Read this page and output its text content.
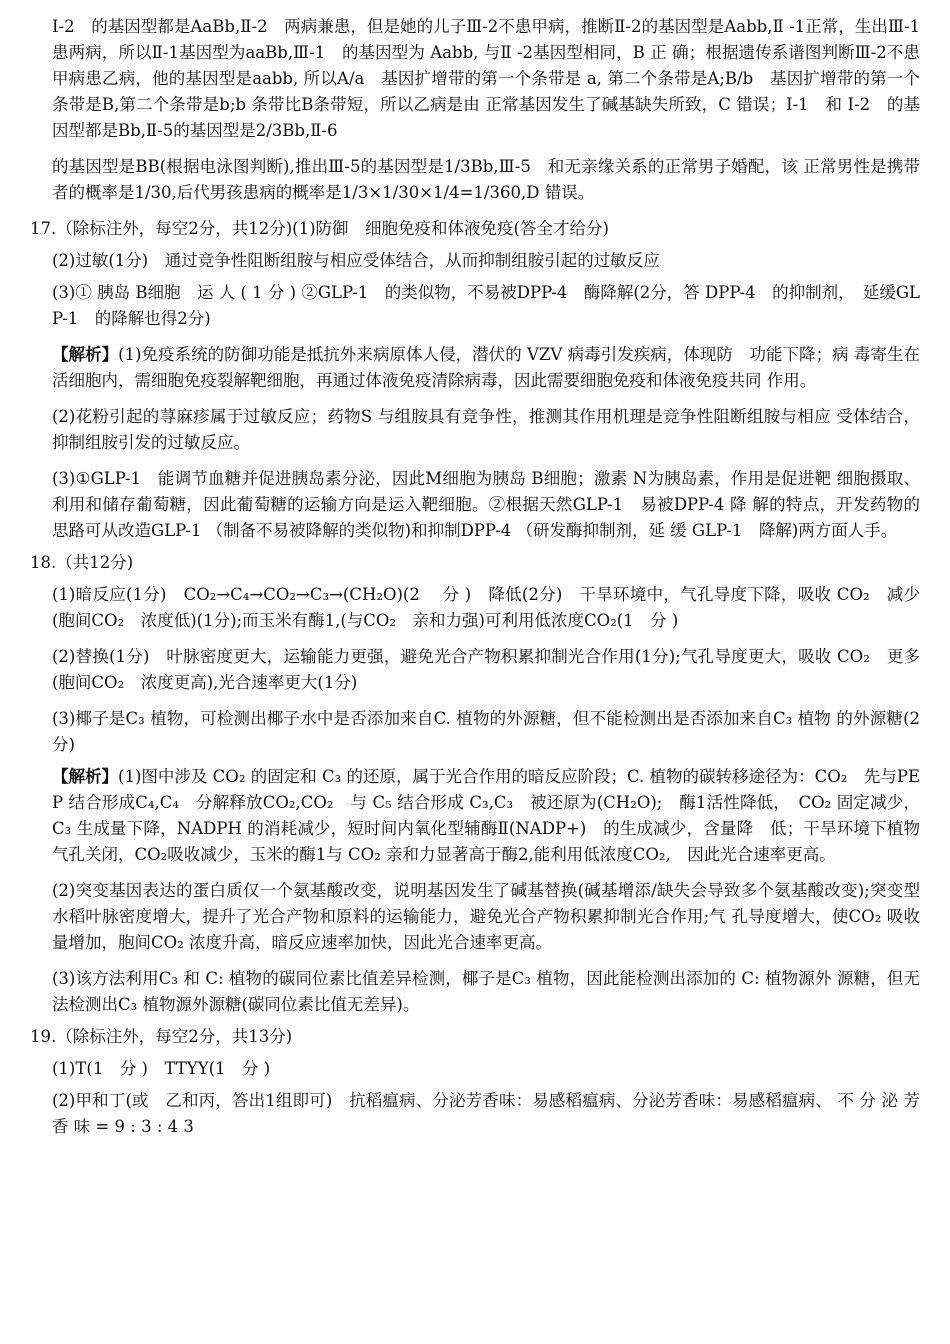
I-2　的基因型都是AaBb,Ⅱ-2　两病兼患，但是她的儿子Ⅲ-2不患甲病，推断Ⅱ-2的基因型是Aabb,Ⅱ -1正常，生出Ⅲ-1患两病，所以Ⅱ-1基因型为aaBb,Ⅲ-1　的基因型为 Aabb, 与Ⅱ -2基因型相同，B 正 确；根据遗传系谱图判断Ⅲ-2不患甲病患乙病，他的基因型是aabb, 所以A/a　基因扩增带的第一个条带是 a, 第二个条带是A;B/b　基因扩增带的第一个条带是B,第二个条带是b;b 条带比B条带短，所以乙病是由 正常基因发生了碱基缺失所致，C 错误；I-1　和 I-2　的基因型都是Bb,Ⅱ-5的基因型是2/3Bb,Ⅱ-6

的基因型是BB(根据电泳图判断),推出Ⅲ-5的基因型是1/3Bb,Ⅲ-5　和无亲缘关系的正常男子婚配，该 正常男性是携带者的概率是1/30,后代男孩患病的概率是1/3×1/30×1/4=1/360,D 错误。

17.（除标注外，每空2分，共12分)(1)防御　细胞免疫和体液免疫(答全才给分)

(2)过敏(1分)　通过竞争性阻断组胺与相应受体结合，从而抑制组胺引起的过敏反应

(3)① 胰岛 B细胞　运 人 ( 1 分 ) ②GLP-1　的类似物，不易被DPP-4　酶降解(2分，答 DPP-4　的抑制剂，　延缓GLP-1　的降解也得2分)

【解析】(1)免疫系统的防御功能是抵抗外来病原体人侵，潜伏的 VZV 病毒引发疾病，体现防　功能下降；病 毒寄生在活细胞内，需细胞免疫裂解靶细胞，再通过体液免疫清除病毒，因此需要细胞免疫和体液免疫共同 作用。

(2)花粉引起的荨麻疹属于过敏反应；药物S 与组胺具有竞争性，推测其作用机理是竞争性阻断组胺与相应 受体结合，抑制组胺引发的过敏反应。

(3)①GLP-1　能调节血糖并促进胰岛素分泌，因此M细胞为胰岛 B细胞；激素 N为胰岛素，作用是促进靶 细胞摄取、利用和储存葡萄糖，因此葡萄糖的运输方向是运入靶细胞。②根据天然GLP-1　易被DPP-4 降 解的特点，开发药物的思路可从改造GLP-1 （制备不易被降解的类似物)和抑制DPP-4 （研发酶抑制剂，延 缓 GLP-1　降解)两方面人手。

18.（共12分)

(1)暗反应(1分)　CO₂→C₄→CO₂→C₃→(CH₂O)(2　 分 )　降低(2分)　干旱环境中，气孔导度下降，吸收 CO₂　减少(胞间CO₂　浓度低)(1分);而玉米有酶1,(与CO₂　亲和力强)可利用低浓度CO₂(1　分 )

(2)替换(1分)　叶脉密度更大，运输能力更强，避免光合产物积累抑制光合作用(1分);气孔导度更大，吸收 CO₂　更多(胞间CO₂　浓度更高),光合速率更大(1分)

(3)椰子是C₃ 植物，可检测出椰子水中是否添加来自C. 植物的外源糖，但不能检测出是否添加来自C₃ 植物 的外源糖(2分)

【解析】(1)图中涉及 CO₂ 的固定和 C₃ 的还原，属于光合作用的暗反应阶段；C. 植物的碳转移途径为：CO₂　先与PEP 结合形成C₄,C₄　分解释放CO₂,CO₂　与 C₅ 结合形成 C₃,C₃　被还原为(CH₂O);　酶1活性降低，　CO₂ 固定减少，C₃ 生成量下降，NADPH 的消耗减少，短时间内氧化型辅酶Ⅱ(NADP+)　的生成减少，含量降　低；干旱环境下植物气孔关闭，CO₂吸收减少，玉米的酶1与 CO₂ 亲和力显著高于酶2,能利用低浓度CO₂,　因此光合速率更高。

(2)突变基因表达的蛋白质仅一个氨基酸改变，说明基因发生了碱基替换(碱基增添/缺失会导致多个氨基酸改变);突变型水稻叶脉密度增大，提升了光合产物和原料的运输能力，避免光合产物积累抑制光合作用;气 孔导度增大，使CO₂ 吸收量增加，胞间CO₂ 浓度升高，暗反应速率加快，因此光合速率更高。

(3)该方法利用C₃ 和 C: 植物的碳同位素比值差异检测，椰子是C₃ 植物，因此能检测出添加的 C: 植物源外 源糖，但无法检测出C₃ 植物源外源糖(碳同位素比值无差异)。

19.（除标注外，每空2分，共13分)

(1)T(1　分 )　TTYY(1　分 )

(2)甲和丁(或　乙和丙，答出1组即可)　抗稻瘟病、分泌芳香味：易感稻瘟病、分泌芳香味：易感稻瘟病、 不 分 泌 芳 香 味 = 9 : 3 : 4 3
